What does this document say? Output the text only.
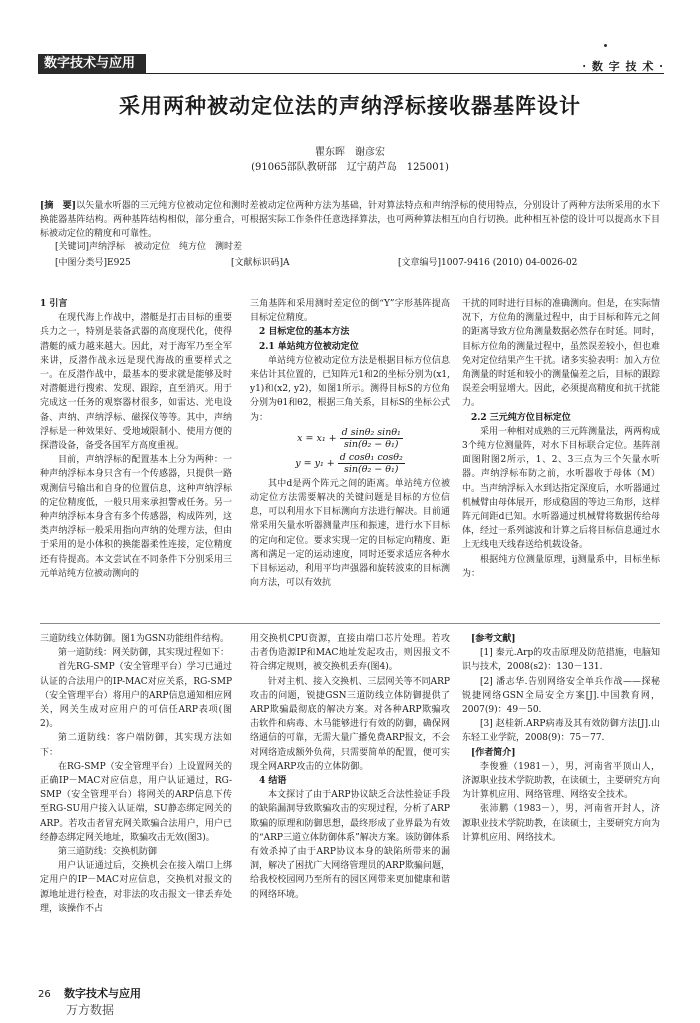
数字技术与应用	· 数 字 技 术 ·
采用两种被动定位法的声纳浮标接收器基阵设计
瞿东晖　谢彦宏
(91065部队教研部　辽宁葫芦岛　125001)
[摘　要]以矢量水听器的三元纯方位被动定位和测时差被动定位两种方法为基础，针对算法特点和声纳浮标的使用特点，分别设计了两种方法所采用的水下换能器基阵结构。两种基阵结构相似，部分重合，可根据实际工作条件任意选择算法，也可两种算法相互向自行切换。此种相互补偿的设计可以提高水下目标被动定位的精度和可靠性。
[关键词]声纳浮标　被动定位　纯方位　测时差
[中图分类号]E925	[文献标识码]A	[文章编号]1007-9416 (2010) 04-0026-02

1 引言

在现代海上作战中，潜艇是打击目标的重要兵力之一，特别是装备武器的高度现代化，使得潜艇的威力越来越大。因此，对于海军乃至全军来讲，反潜作战永远是现代海战的重要样式之一。在反潜作战中，最基本的要求就是能够及时对潜艇进行搜索、发现、跟踪，直至消灭。用于完成这一任务的观察器材很多，如雷达、光电设备、声纳、声纳浮标、磁探仪等等。其中，声纳浮标是一种效果好、受地域限制小、使用方便的探潜设备，备受各国军方高度重视。

目前，声纳浮标的配置基本上分为两种：一种声纳浮标本身只含有一个传感器，只提供一路观测信号输出和自身的位置信息，这种声纳浮标的定位精度低，一般只用来承担警戒任务。另一种声纳浮标本身含有多个传感器，构成阵列，这类声纳浮标一般采用指向声纳的处理方法，但由于采用的是小体积的换能器柔性连接，定位精度还有待提高。本文尝试在不同条件下分别采用三元单站纯方位被动测向的

三角基阵和采用测时差定位的倒“Y”字形基阵提高目标定位精度。

2 目标定位的基本方法

2.1 单站纯方位被动定位

单站纯方位被动定位方法是根据目标方位信息来估计其位置的，已知阵元1和2的坐标分别为(x1, y1)和(x2, y2)，如图1所示。测得目标S的方位角分别为θ1和θ2，根据三角关系，目标S的坐标公式为：

$x = x_1 + \frac{\text{d sinθ₂ sinθ₁}}{\text{sin(θ₂ − θ₁)}}$
$y = y_1 + \frac{\text{d cosθ₁ cosθ₂}}{\text{sin(θ₂ − θ₁)}}$

其中d是两个阵元之间的距离。单站纯方位被动定位方法需要解决的关键问题是目标的方位信息，可以利用水下目标测向方法进行解决。目前通常采用矢量水听器测量声压和振速，进行水下目标的定向和定位。要求实现一定的目标定向精度、距离和满足一定的运动速度，同时还要求适应各种水下目标运动，利用平均声强器和旋转波束的目标测向方法，可以有效抗

干扰的同时进行目标的准确测向。但是，在实际情况下，方位角的测量过程中，由于目标和阵元之间的距离导致方位角测量数据必然存在时延。同时，目标方位角的测量过程中，虽然误差较小，但也难免对定位结果产生干扰。诸多实验表明：加入方位角测量的时延和较小的测量偏差之后，目标的跟踪误差会明显增大。因此，必须提高精度和抗干扰能力。

2.2 三元纯方位目标定位

采用一种相对成熟的三元阵测量法，两两构成3个纯方位测量阵，对水下目标联合定位。基阵剖面图附图2所示，1、2、3三点为三个矢量水听器。声纳浮标布防之前，水听器收于母体（M）中。当声纳浮标入水到达指定深度后，水听器通过机械臂由母体展开，形成稳固的等边三角形，这样阵元间距d已知。水听器通过机械臂将数据传给母体，经过一系列滤波和计算之后将目标信息通过水上无线电天线春送给机载设备。

根据纯方位测量原理，ij测量系中，目标坐标为：

三道防线立体防御。图1为GSN功能组件结构。

第一道防线：网关防御，其实现过程如下：

首先RG-SMP（安全管理平台）学习已通过认证的合法用户的IP-MAC对应关系，RG-SMP（安全管理平台）将用户的ARP信息通知相应网关，网关生成对应用户的可信任ARP表项(图2)。

第二道防线：客户端防御，其实现方法如下：

在RG-SMP（安全管理平台）上设置网关的正确IP－MAC对应信息，用户认证通过，RG-SMP（安全管理平台）将网关的ARP信息下传至RG-SU用户接入认证端，SU静态绑定网关的ARP。若攻击者冒充网关欺骗合法用户，用户已经静态绑定网关地址，欺骗攻击无效(图3)。

第三道防线：交换机防御

用户认证通过后，交换机会在接入端口上绑定用户的IP－MAC对应信息，交换机对报文的源地址进行检查，对非法的攻击报文一律丢弃处理，该操作不占

用交换机CPU资源，直接由端口芯片处理。若攻击者伪造源IP和MAC地址发起攻击，则因报文不符合绑定规则，被交换机丢弃(图4)。

针对主机、接入交换机、三层网关等不同ARP攻击的问题，锐捷GSN三道防线立体防御提供了ARP欺骗最彻底的解决方案。对各种ARP欺骗攻击软件和病毒、木马能够进行有效的防御，确保网络通信的可靠，无需大量广播免费ARP报文，不会对网络造成额外负荷，只需要简单的配置，便可实现全网ARP攻击的立体防御。

4 结语

本文探讨了由于ARP协议缺乏合法性验证手段的缺陷漏洞导致欺骗攻击的实现过程，分析了ARP欺骗的原理和防御思想，最终形成了业界最为有效的“ARP三道立体防御体系”解决方案。该防御体系有效杀掉了由于ARP协议本身的缺陷所带来的漏洞，解决了困扰广大网络管理员的ARP欺骗问题，给我校校园网乃至所有的园区网带来更加健康和谐的网络环境。

[参考文献]

[1] 秦元.Arp的攻击原理及防范措施，电脑知识与技术，2008(s2)：130－131.

[2] 潘志华.告别网络安全单兵作战——探秘锐捷网络GSN全局安全方案[J].中国教育网，2007(9)：49－50.

[3] 赵桂新.ARP病毒及其有效防御方法[J].山东轻工业学院，2008(9)：75－77.

[作者简介]

李俊雅（1981－），男，河南省平顶山人，济源职业技术学院助教，在读硕士，主要研究方向为计算机应用、网络管理、网络安全技术。

张沛鹏（1983－），男，河南省开封人，济源职业技术学院助教，在读硕士，主要研究方向为计算机应用、网络技术。

26 数字技术与应用
万方数据
